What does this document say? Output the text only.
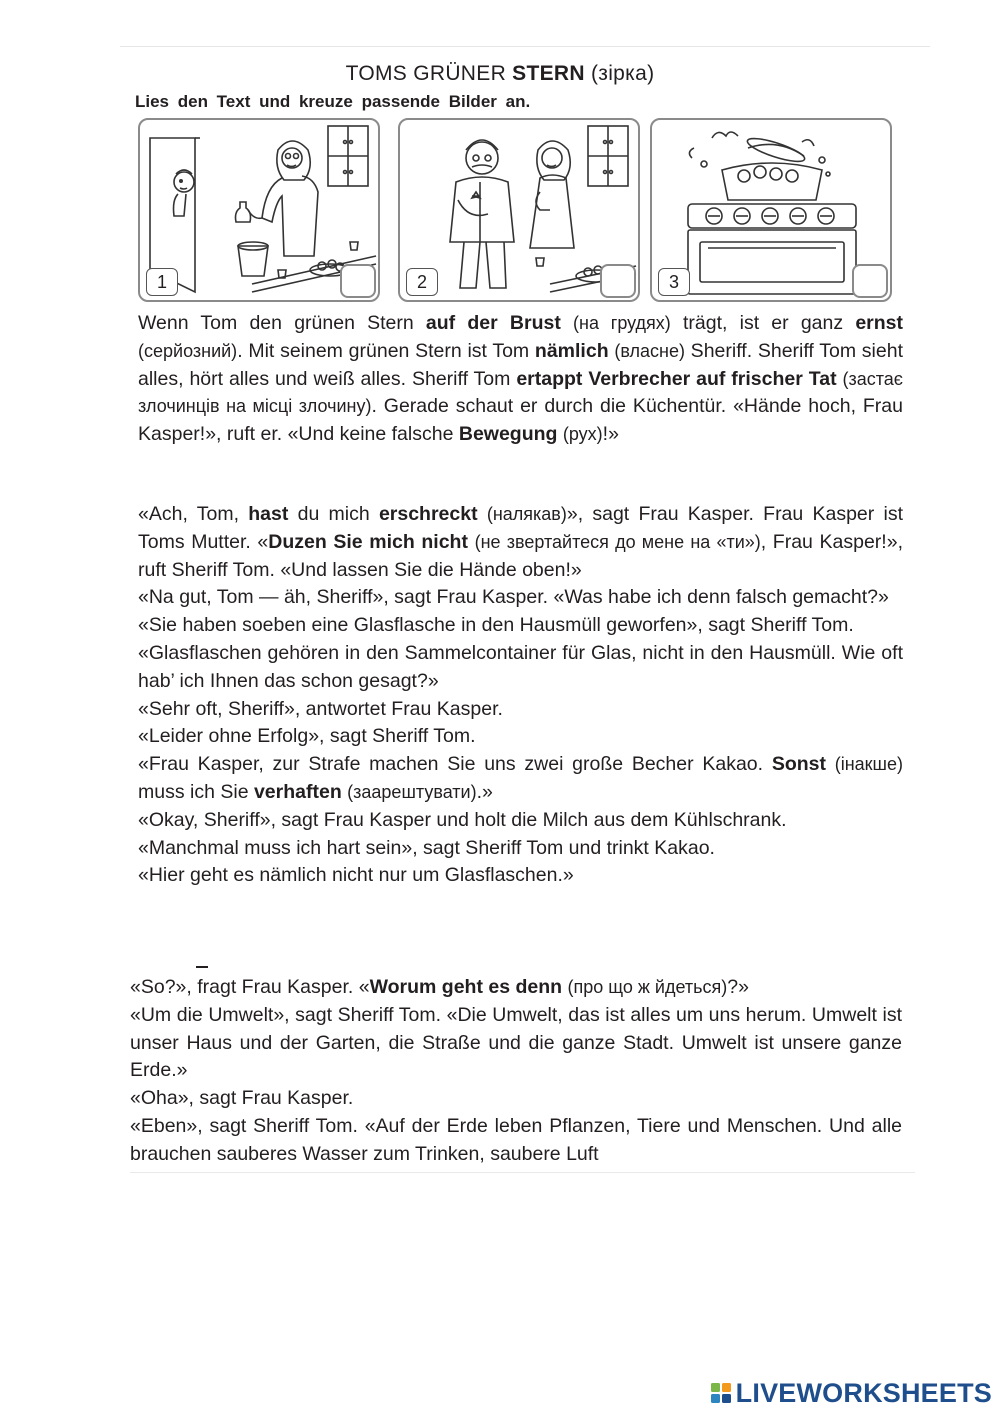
TOMS GRÜNER STERN (зірка)
Lies den Text und kreuze passende Bilder an.
1	2	3

Wenn Tom den grünen Stern auf der Brust (на грудях) trägt, ist er ganz ernst (серйозний). Mit seinem grünen Stern ist Tom nämlich (власне) Sheriff. Sheriff Tom sieht alles, hört alles und weiß alles. Sheriff Tom ertappt Verbrecher auf frischer Tat (застає злочинців на місці злочину). Gerade schaut er durch die Küchentür. «Hände hoch, Frau Kasper!», ruft er. «Und keine falsche Bewegung (рух)!»

«Ach, Tom, hast du mich erschreckt (налякав)», sagt Frau Kasper. Frau Kasper ist Toms Mutter. «Duzen Sie mich nicht (не звертайтеся до мене на «ти»), Frau Kasper!», ruft Sheriff Tom. «Und lassen Sie die Hände oben!»

«Na gut, Tom — äh, Sheriff», sagt Frau Kasper. «Was habe ich denn falsch gemacht?»

«Sie haben soeben eine Glasflasche in den Hausmüll geworfen», sagt Sheriff Tom.

«Glasflaschen gehören in den Sammelcontainer für Glas, nicht in den Hausmüll. Wie oft hab’ ich Ihnen das schon gesagt?»

«Sehr oft, Sheriff», antwortet Frau Kasper.

«Leider ohne Erfolg», sagt Sheriff Tom.

«Frau Kasper, zur Strafe machen Sie uns zwei große Becher Kakao. Sonst (інакше) muss ich Sie verhaften (заарештувати).»

«Okay, Sheriff», sagt Frau Kasper und holt die Milch aus dem Kühlschrank.

«Manchmal muss ich hart sein», sagt Sheriff Tom und trinkt Kakao.

«Hier geht es nämlich nicht nur um Glasflaschen.»

«So?», fragt Frau Kasper. «Worum geht es denn (про що ж йдеться)?»

«Um die Umwelt», sagt Sheriff Tom. «Die Umwelt, das ist alles um uns herum. Umwelt ist unser Haus und der Garten, die Straße und die ganze Stadt. Umwelt ist unsere ganze Erde.»

«Oha», sagt Frau Kasper.

«Eben», sagt Sheriff Tom. «Auf der Erde leben Pflanzen, Tiere und Menschen. Und alle brauchen sauberes Wasser zum Trinken, saubere Luft

LIVEWORKSHEETS
